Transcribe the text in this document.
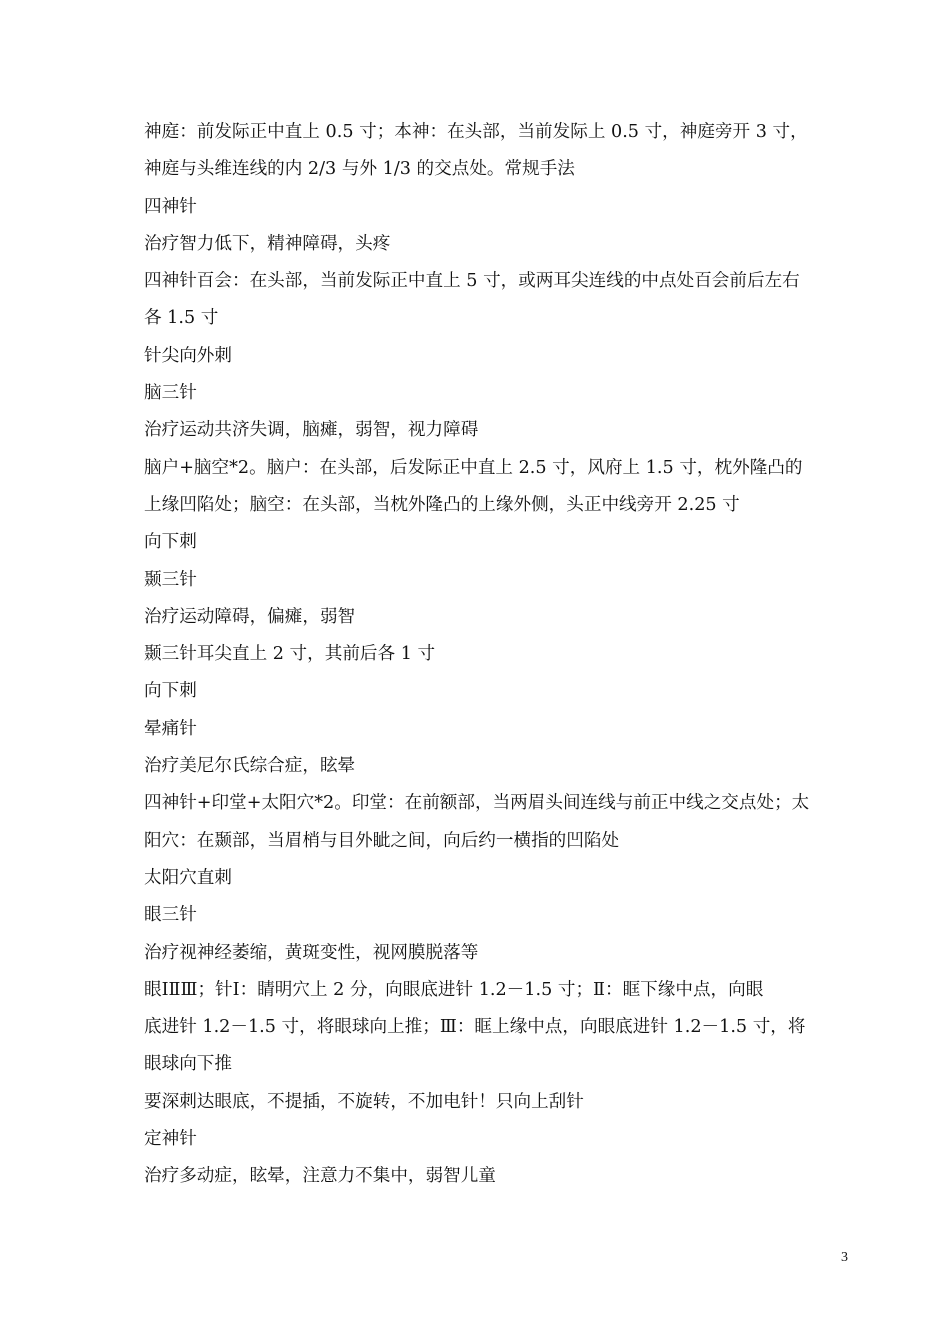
神庭：前发际正中直上 0.5 寸；本神：在头部，当前发际上 0.5 寸，神庭旁开 3 寸，
神庭与头维连线的内 2/3 与外 1/3 的交点处。常规手法
四神针
治疗智力低下，精神障碍，头疼
四神针百会：在头部，当前发际正中直上 5 寸，或两耳尖连线的中点处百会前后左右
各 1.5 寸
针尖向外刺
脑三针
治疗运动共济失调，脑瘫，弱智，视力障碍
脑户+脑空*2。脑户：在头部，后发际正中直上 2.5 寸，风府上 1.5 寸，枕外隆凸的
上缘凹陷处；脑空：在头部，当枕外隆凸的上缘外侧，头正中线旁开 2.25 寸
向下刺
颞三针
治疗运动障碍，偏瘫，弱智
颞三针耳尖直上 2 寸，其前后各 1 寸
向下刺
晕痛针
治疗美尼尔氏综合症，眩晕
四神针+印堂+太阳穴*2。印堂：在前额部，当两眉头间连线与前正中线之交点处；太
阳穴：在颞部，当眉梢与目外眦之间，向后约一横指的凹陷处
太阳穴直刺
眼三针
治疗视神经萎缩，黄斑变性，视网膜脱落等
眼ⅠⅡⅢ；针Ⅰ：睛明穴上 2 分，向眼底进针 1.2－1.5 寸；Ⅱ：眶下缘中点，向眼
底进针 1.2－1.5 寸，将眼球向上推；Ⅲ：眶上缘中点，向眼底进针 1.2－1.5 寸，将
眼球向下推
要深刺达眼底，不提插，不旋转，不加电针！只向上刮针
定神针
治疗多动症，眩晕，注意力不集中，弱智儿童
3
